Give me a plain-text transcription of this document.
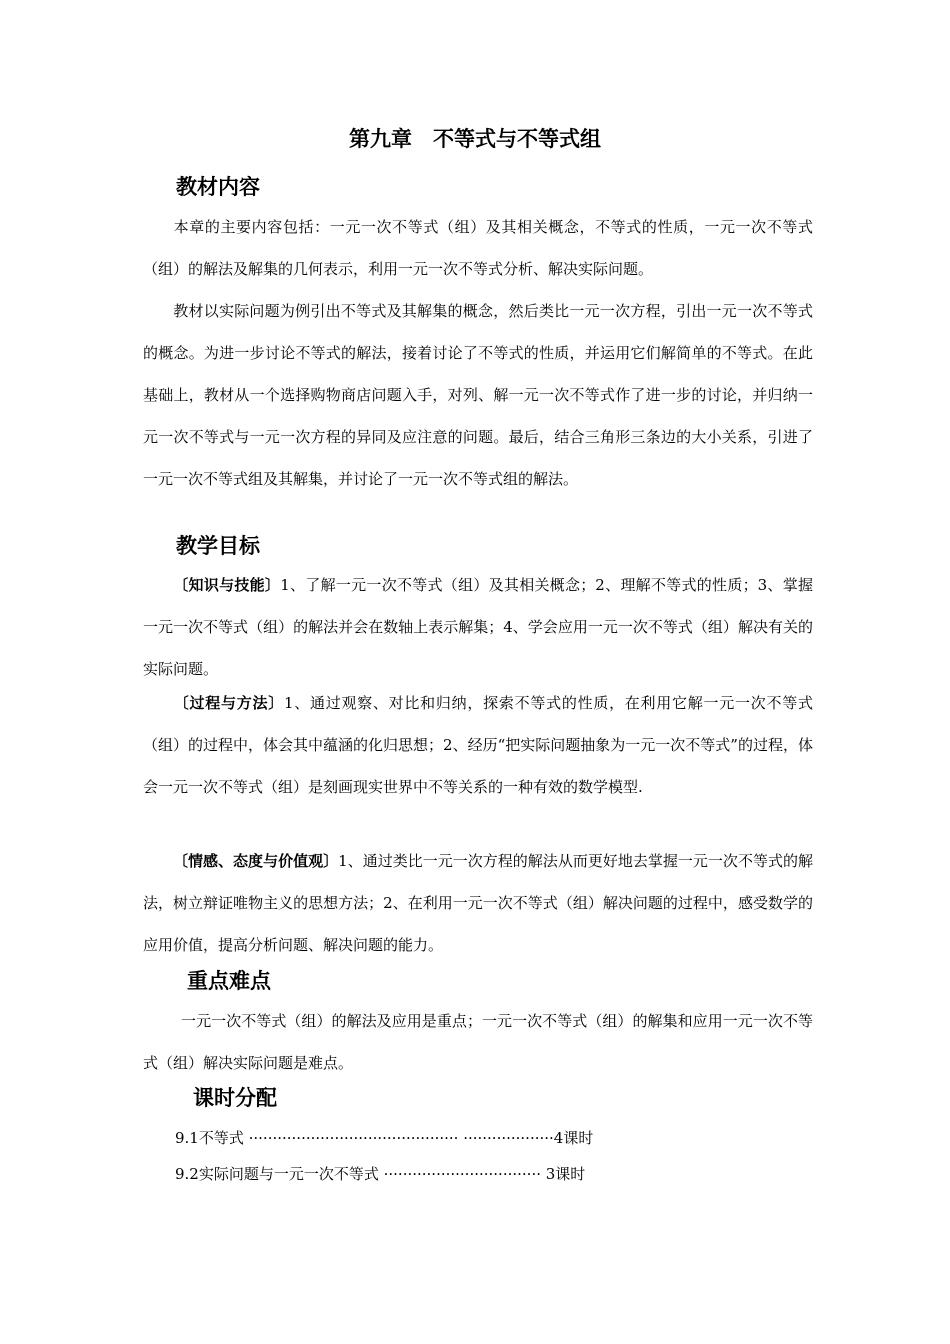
第九章　不等式与不等式组
教材内容

本章的主要内容包括：一元一次不等式（组）及其相关概念，不等式的性质，一元一次不等式（组）的解法及解集的几何表示，利用一元一次不等式分析、解决实际问题。

教材以实际问题为例引出不等式及其解集的概念，然后类比一元一次方程，引出一元一次不等式的概念。为进一步讨论不等式的解法，接着讨论了不等式的性质，并运用它们解简单的不等式。在此基础上，教材从一个选择购物商店问题入手，对列、解一元一次不等式作了进一步的讨论，并归纳一元一次不等式与一元一次方程的异同及应注意的问题。最后，结合三角形三条边的大小关系，引进了一元一次不等式组及其解集，并讨论了一元一次不等式组的解法。

教学目标

〔知识与技能〕1、了解一元一次不等式（组）及其相关概念；2、理解不等式的性质；3、掌握一元一次不等式（组）的解法并会在数轴上表示解集；4、学会应用一元一次不等式（组）解决有关的实际问题。

〔过程与方法〕1、通过观察、对比和归纳，探索不等式的性质，在利用它解一元一次不等式（组）的过程中，体会其中蕴涵的化归思想；2、经历“把实际问题抽象为一元一次不等式”的过程，体会一元一次不等式（组）是刻画现实世界中不等关系的一种有效的数学模型.

〔情感、态度与价值观〕1、通过类比一元一次方程的解法从而更好地去掌握一元一次不等式的解法，树立辩证唯物主义的思想方法；2、在利用一元一次不等式（组）解决问题的过程中，感受数学的应用价值，提高分析问题、解决问题的能力。

重点难点

一元一次不等式（组）的解法及应用是重点；一元一次不等式（组）的解集和应用一元一次不等式（组）解决实际问题是难点。

课时分配
9.1不等式 ············································ ···················4课时
9.2实际问题与一元一次不等式 ································· 3课时
